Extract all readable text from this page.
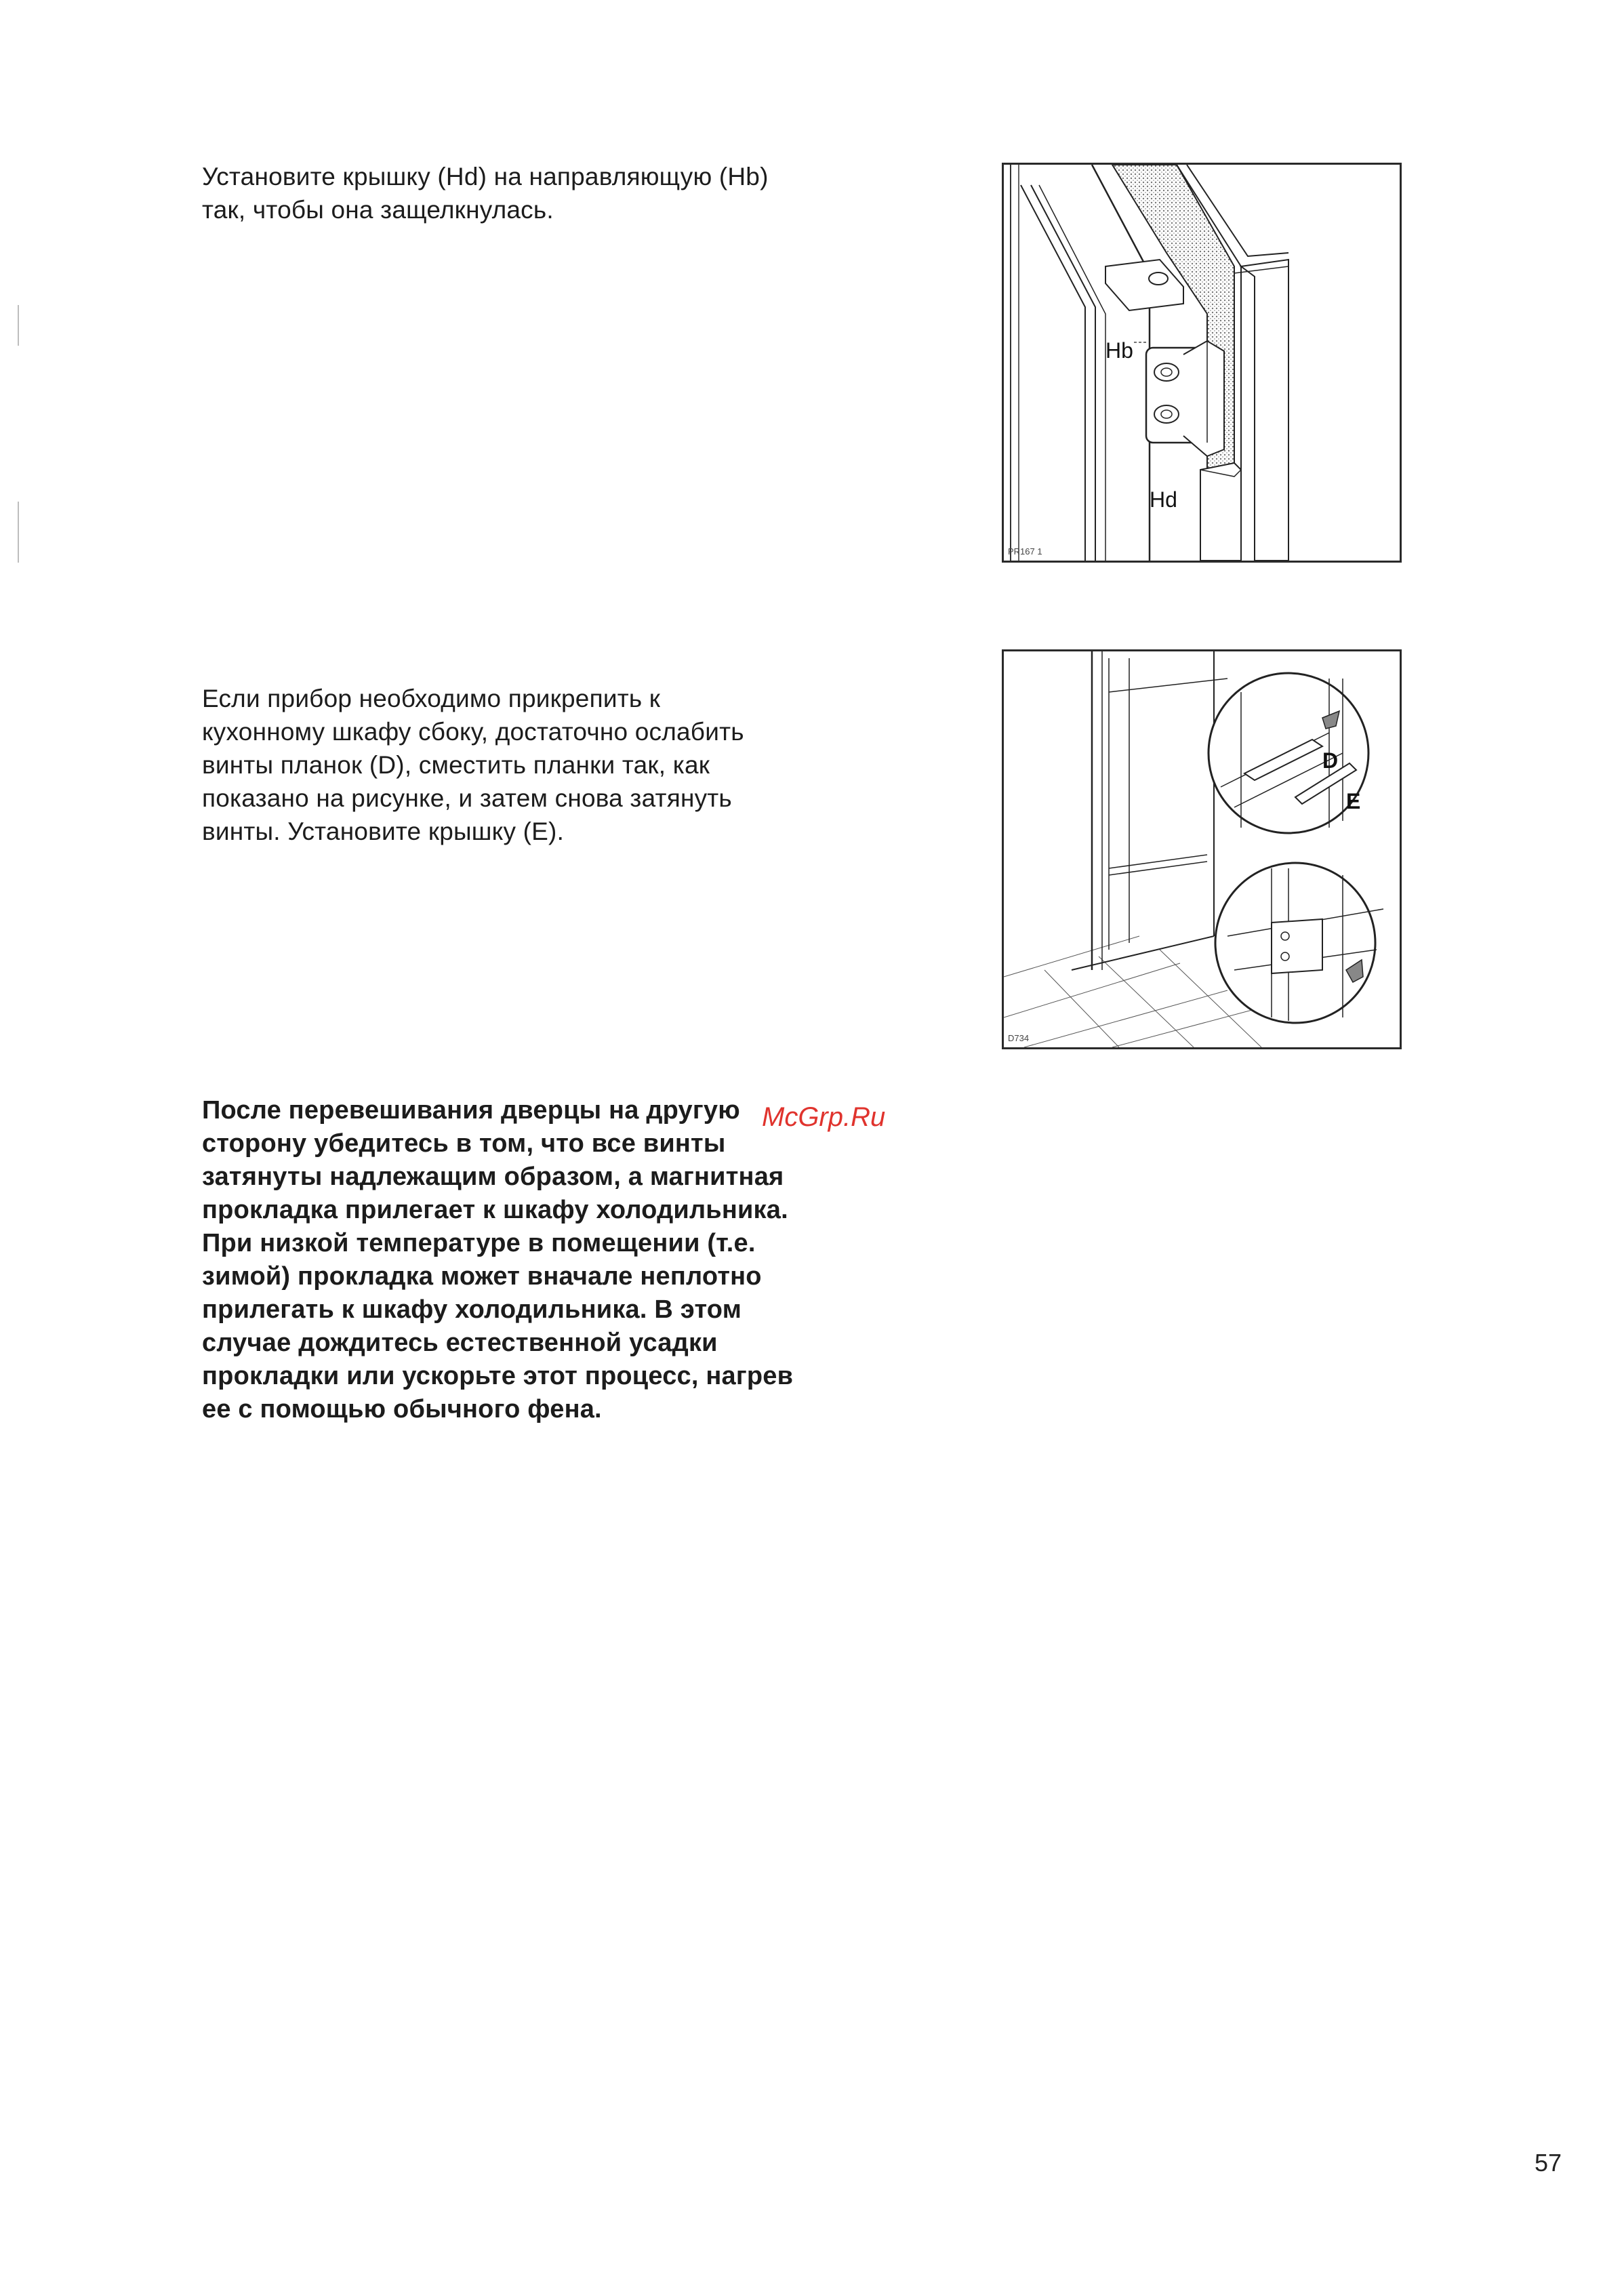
Установите крышку (Hd) на направляющую (Hb)
так, чтобы она защелкнулась.

Hb
Hd
PR167 1

Если прибор необходимо прикрепить к
кухонному шкафу сбоку, достаточно ослабить
винты планок (D), сместить планки так, как
показано на рисунке, и затем снова затянуть
винты. Установите крышку (E).

D
E
D734

После перевешивания дверцы на другую
сторону убедитесь в том, что все винты
затянуты надлежащим образом, а магнитная
прокладка прилегает к шкафу холодильника.
При низкой температуре в помещении (т.е.
зимой) прокладка может вначале неплотно
прилегать к шкафу холодильника. В этом
случае дождитесь естественной усадки
прокладки или ускорьте этот процесс, нагрев
ее с помощью обычного фена.

McGrp.Ru
57
